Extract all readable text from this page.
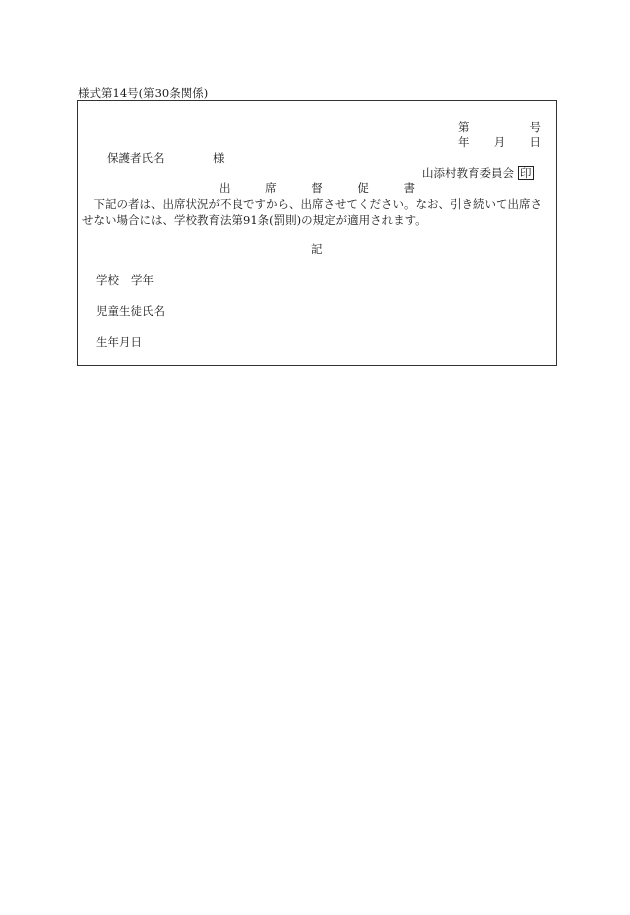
様式第14号(第30条関係)
第	号
年 月 日
保護者氏名	様
山添村教育委員会 印
出	席	督	促	書
下記の者は、出席状況が不良ですから、出席させてください。なお、引き続いて出席させない場合には、学校教育法第91条(罰則)の規定が適用されます。
記
学校 学年
児童生徒氏名
生年月日
